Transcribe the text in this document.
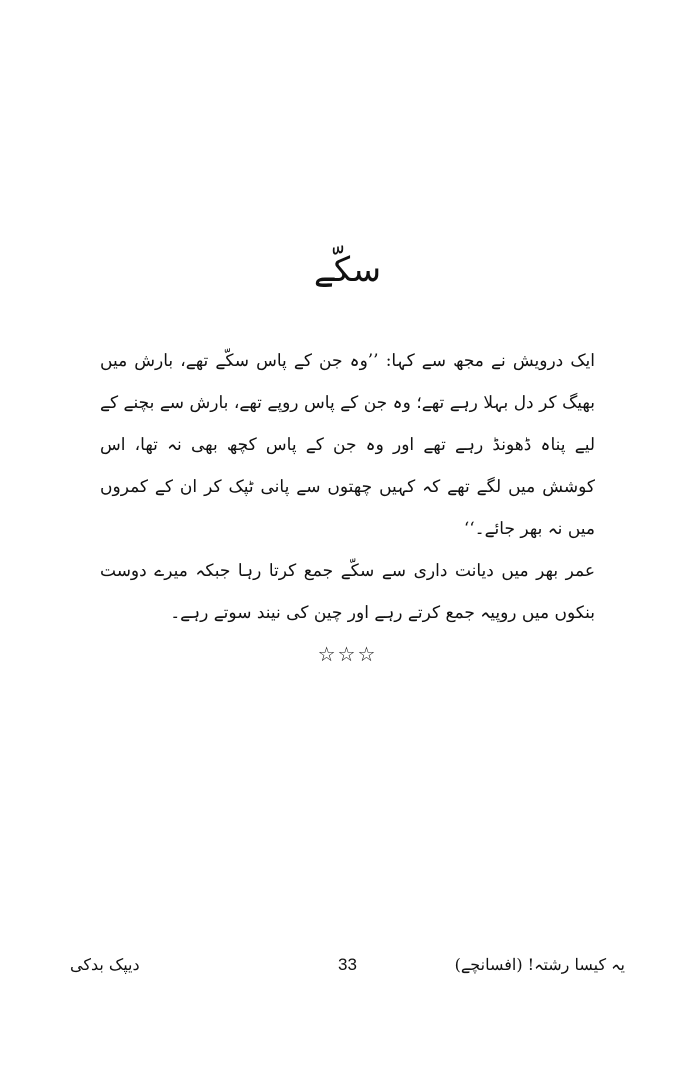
سکّے

ایک درویش نے مجھ سے کہا: ’’وہ جن کے پاس سکّے تھے، بارش میں بھیگ کر دل بہلا رہے تھے؛ وہ جن کے پاس روپے تھے، بارش سے بچنے کے لیے پناہ ڈھونڈ رہے تھے اور وہ جن کے پاس کچھ بھی نہ تھا، اس کوشش میں لگے تھے کہ کہیں چھتوں سے پانی ٹپک کر ان کے کمروں میں نہ بھر جائے۔‘‘

عمر بھر میں دیانت داری سے سکّے جمع کرتا رہا جبکہ میرے دوست بنکوں میں روپیہ جمع کرتے رہے اور چین کی نیند سوتے رہے۔

☆☆☆
دیپک بدکی	33	یہ کیسا رشتہ! (افسانچے)
